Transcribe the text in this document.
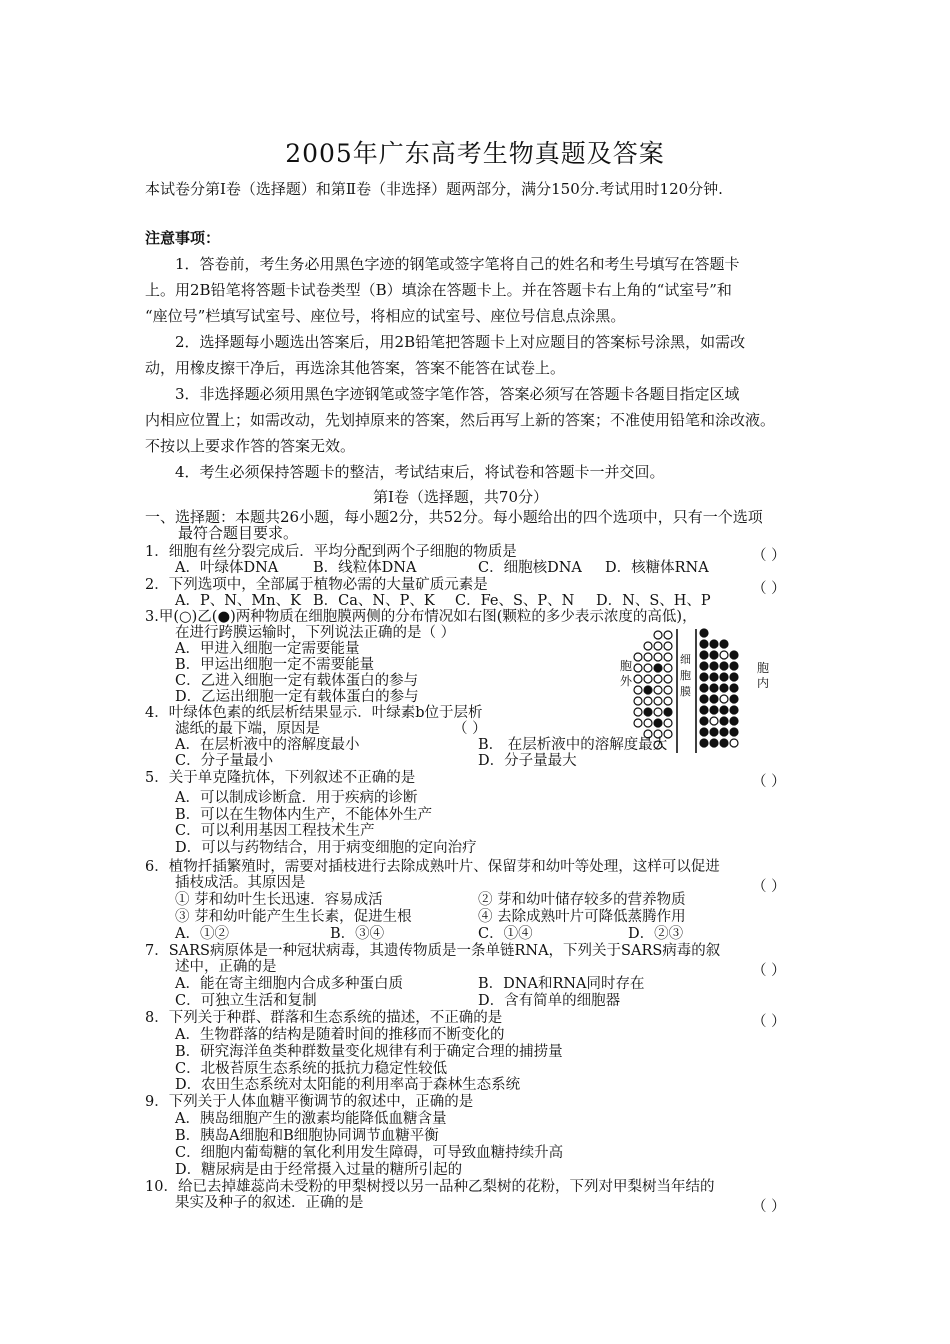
2005年广东高考生物真题及答案
本试卷分第Ⅰ卷（选择题）和第Ⅱ卷（非选择）题两部分，满分150分.考试用时120分钟.
注意事项：
1．答卷前，考生务必用黑色字迹的钢笔或签字笔将自己的姓名和考生号填写在答题卡
上。用2B铅笔将答题卡试卷类型（B）填涂在答题卡上。并在答题卡右上角的“试室号”和
“座位号”栏填写试室号、座位号，将相应的试室号、座位号信息点涂黑。
2．选择题每小题选出答案后，用2B铅笔把答题卡上对应题目的答案标号涂黑，如需改
动，用橡皮擦干净后，再选涂其他答案，答案不能答在试卷上。
3．非选择题必须用黑色字迹钢笔或签字笔作答，答案必须写在答题卡各题目指定区域
内相应位置上；如需改动，先划掉原来的答案，然后再写上新的答案；不准使用铅笔和涂改液。
不按以上要求作答的答案无效。
4．考生必须保持答题卡的整洁，考试结束后，将试卷和答题卡一并交回。
第Ⅰ卷（选择题，共70分）
一、选择题：本题共26小题，每小题2分，共52分。每小题给出的四个选项中，只有一个选项
最符合题目要求。
1．细胞有丝分裂完成后．平均分配到两个子细胞的物质是	（ ）
A．叶绿体DNA B．线粒体DNA	C．细胞核DNA D．核糖体RNA
2．下列选项中，全部属于植物必需的大量矿质元素是	（ ）
A．P、N、Mn、K B．Ca、N、P、K C．Fe、S、P、N D．N、S、H、P
3.甲(○)乙(●)两种物质在细胞膜两侧的分布情况如右图(颗粒的多少表示浓度的高低)，
在进行跨膜运输时，下列说法正确的是（ ）
A．甲进入细胞一定需要能量
B．甲运出细胞一定不需要能量
C．乙进入细胞一定有载体蛋白的参与
D．乙运出细胞一定有载体蛋白的参与
胞外
细胞膜
胞内
4．叶绿体色素的纸层析结果显示．叶绿素b位于层析
滤纸的最下端，原因是	（ ）
A．在层析液中的溶解度最小	B． 在层析液中的溶解度最大
C．分子量最小	D．分子量最大
5．关于单克隆抗体，下列叙述不正确的是	（ ）
A．可以制成诊断盒．用于疾病的诊断
B．可以在生物体内生产，不能体外生产
C．可以利用基因工程技术生产
D．可以与药物结合，用于病变细胞的定向治疗
6．植物扦插繁殖时，需要对插枝进行去除成熟叶片、保留芽和幼叶等处理，这样可以促进
插枝成活。其原因是	（ ）
① 芽和幼叶生长迅速．容易成活	② 芽和幼叶储存较多的营养物质
③ 芽和幼叶能产生生长素，促进生根	④ 去除成熟叶片可降低蒸腾作用
A．①②	B．③④	C．①④	D．②③
7．SARS病原体是一种冠状病毒，其遗传物质是一条单链RNA，下列关于SARS病毒的叙
述中，正确的是	（ ）
A．能在寄主细胞内合成多种蛋白质	B．DNA和RNA同时存在
C．可独立生活和复制	D．含有简单的细胞器
8．下列关于种群、群落和生态系统的描述，不正确的是	（ ）
A．生物群落的结构是随着时间的推移而不断变化的
B．研究海洋鱼类种群数量变化规律有利于确定合理的捕捞量
C．北极苔原生态系统的抵抗力稳定性较低
D．农田生态系统对太阳能的利用率高于森林生态系统
9．下列关于人体血糖平衡调节的叙述中，正确的是
A．胰岛细胞产生的激素均能降低血糖含量
B．胰岛A细胞和B细胞协同调节血糖平衡
C．细胞内葡萄糖的氧化利用发生障碍，可导致血糖持续升高
D．糖尿病是由于经常摄入过量的糖所引起的
10．给已去掉雄蕊尚未受粉的甲梨树授以另一品种乙梨树的花粉，下列对甲梨树当年结的
果实及种子的叙述．正确的是	（ ）
